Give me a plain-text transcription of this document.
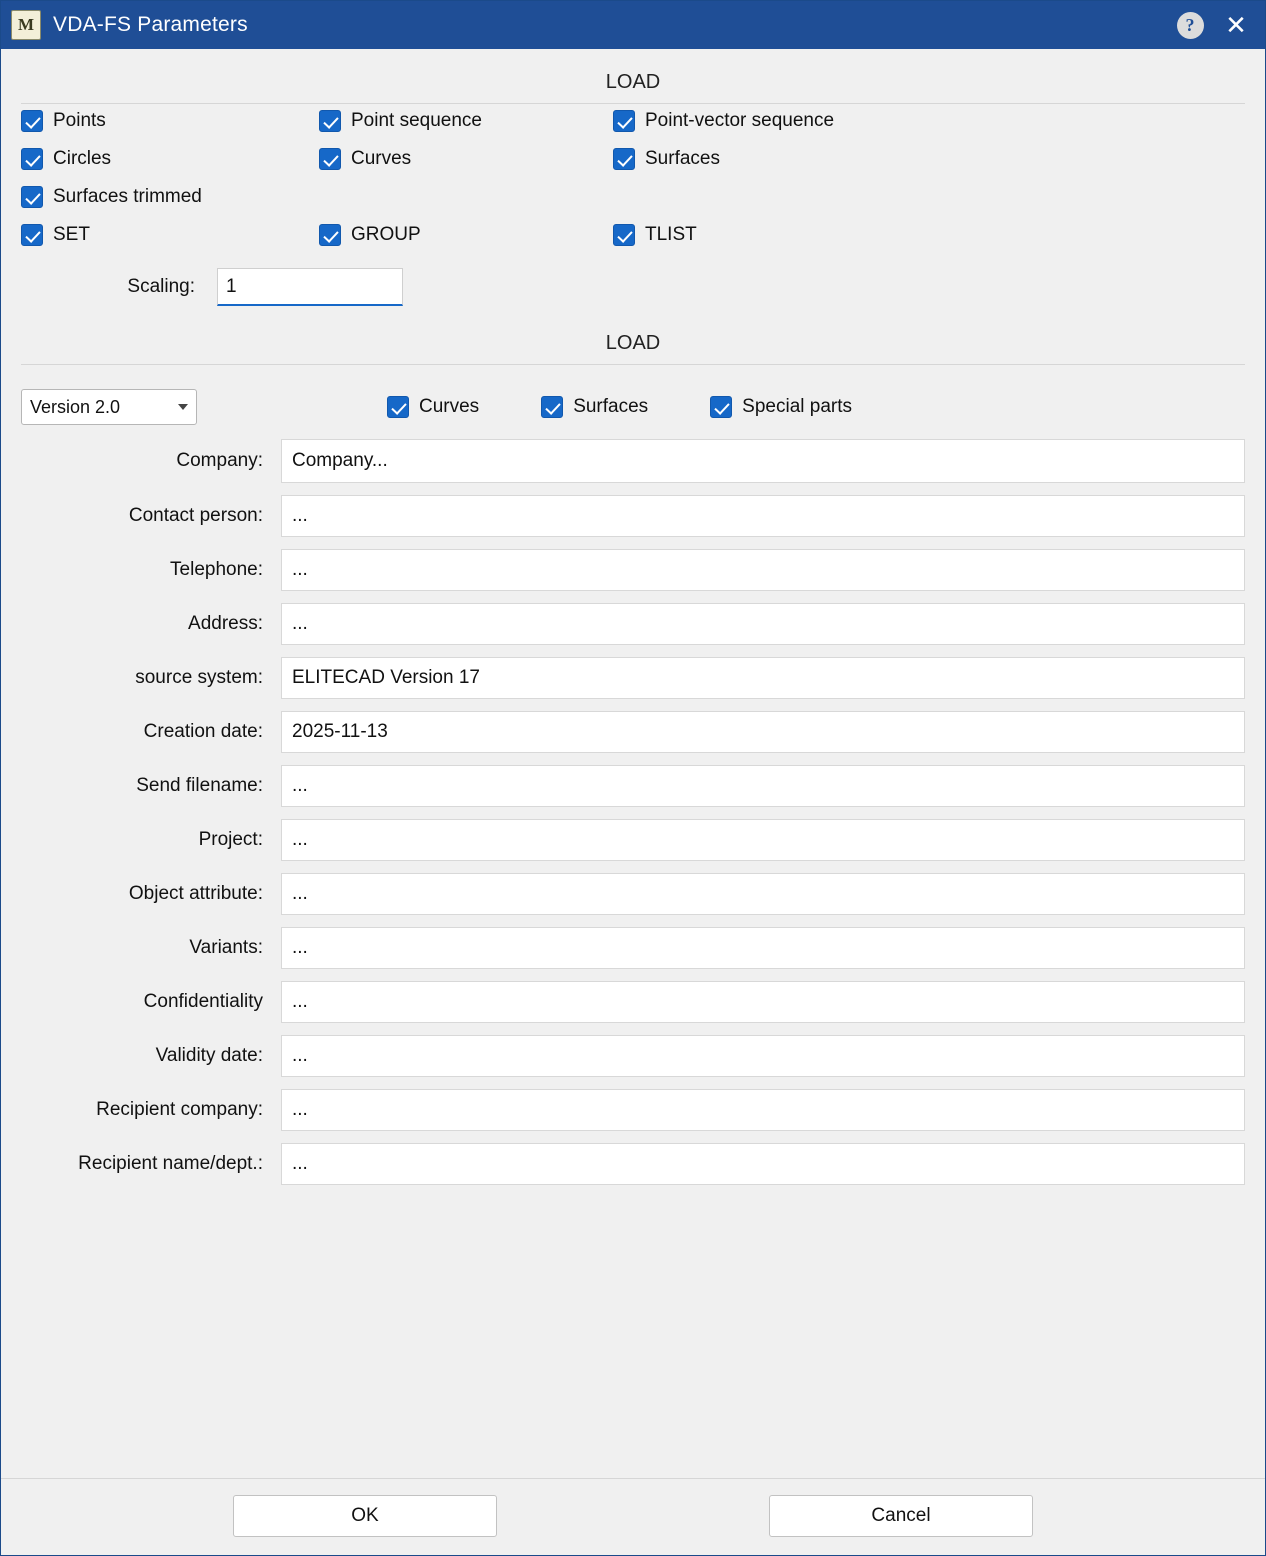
M VDA-FS Parameters	?	✕
LOAD
Points	Point sequence	Point-vector sequence
Circles	Curves	Surfaces
Surfaces trimmed
SET	GROUP	TLIST
Scaling:
1
LOAD
Version 2.0	Curves	Surfaces	Special parts
Company:
Company...
Contact person:
...
Telephone:
...
Address:
...
source system:
ELITECAD Version 17
Creation date:
2025-11-13
Send filename:
...
Project:
...
Object attribute:
...
Variants:
...
Confidentiality
...
Validity date:
...
Recipient company:
...
Recipient name/dept.:
...
OK	Cancel
